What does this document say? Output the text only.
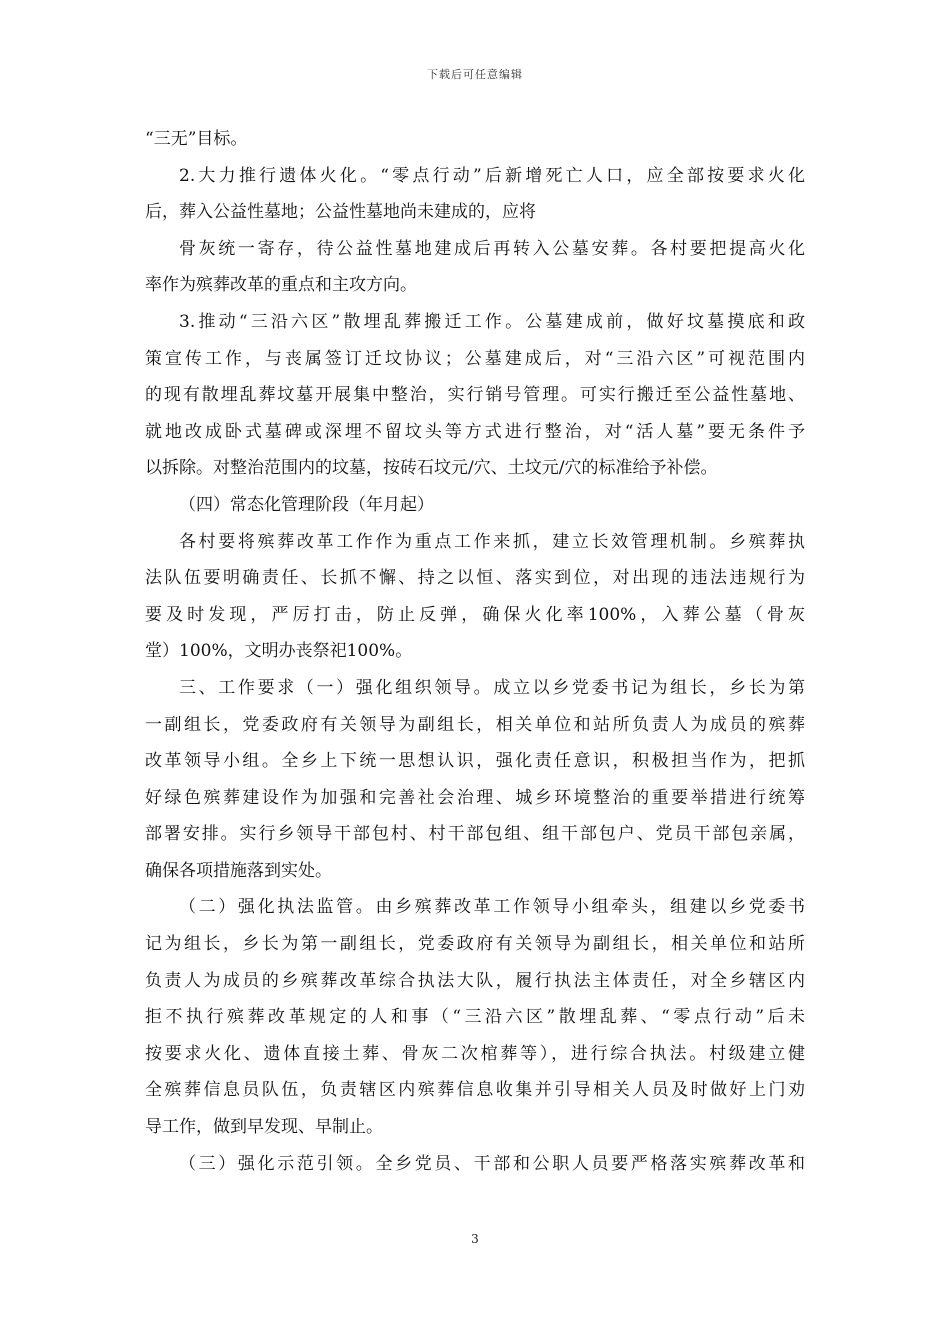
下载后可任意编辑
“三无”目标。
2.大力推行遗体火化。“零点行动”后新增死亡人口，应全部按要求火化
后，葬入公益性墓地；公益性墓地尚未建成的，应将
骨灰统一寄存，待公益性墓地建成后再转入公墓安葬。各村要把提高火化
率作为殡葬改革的重点和主攻方向。
3.推动“三沿六区”散埋乱葬搬迁工作。公墓建成前，做好坟墓摸底和政
策宣传工作，与丧属签订迁坟协议；公墓建成后，对“三沿六区”可视范围内
的现有散埋乱葬坟墓开展集中整治，实行销号管理。可实行搬迁至公益性墓地、
就地改成卧式墓碑或深埋不留坟头等方式进行整治，对“活人墓”要无条件予
以拆除。对整治范围内的坟墓，按砖石坟元/穴、土坟元/穴的标准给予补偿。
（四）常态化管理阶段（年月起）
各村要将殡葬改革工作作为重点工作来抓，建立长效管理机制。乡殡葬执
法队伍要明确责任、长抓不懈、持之以恒、落实到位，对出现的违法违规行为
要及时发现，严厉打击，防止反弹，确保火化率100%，入葬公墓（骨灰
堂）100%，文明办丧祭祀100%。
三、工作要求（一）强化组织领导。成立以乡党委书记为组长，乡长为第
一副组长，党委政府有关领导为副组长，相关单位和站所负责人为成员的殡葬
改革领导小组。全乡上下统一思想认识，强化责任意识，积极担当作为，把抓
好绿色殡葬建设作为加强和完善社会治理、城乡环境整治的重要举措进行统筹
部署安排。实行乡领导干部包村、村干部包组、组干部包户、党员干部包亲属，
确保各项措施落到实处。
（二）强化执法监管。由乡殡葬改革工作领导小组牵头，组建以乡党委书
记为组长，乡长为第一副组长，党委政府有关领导为副组长，相关单位和站所
负责人为成员的乡殡葬改革综合执法大队，履行执法主体责任，对全乡辖区内
拒不执行殡葬改革规定的人和事（“三沿六区”散埋乱葬、“零点行动”后未
按要求火化、遗体直接土葬、骨灰二次棺葬等），进行综合执法。村级建立健
全殡葬信息员队伍，负责辖区内殡葬信息收集并引导相关人员及时做好上门劝
导工作，做到早发现、早制止。
（三）强化示范引领。全乡党员、干部和公职人员要严格落实殡葬改革和
3
